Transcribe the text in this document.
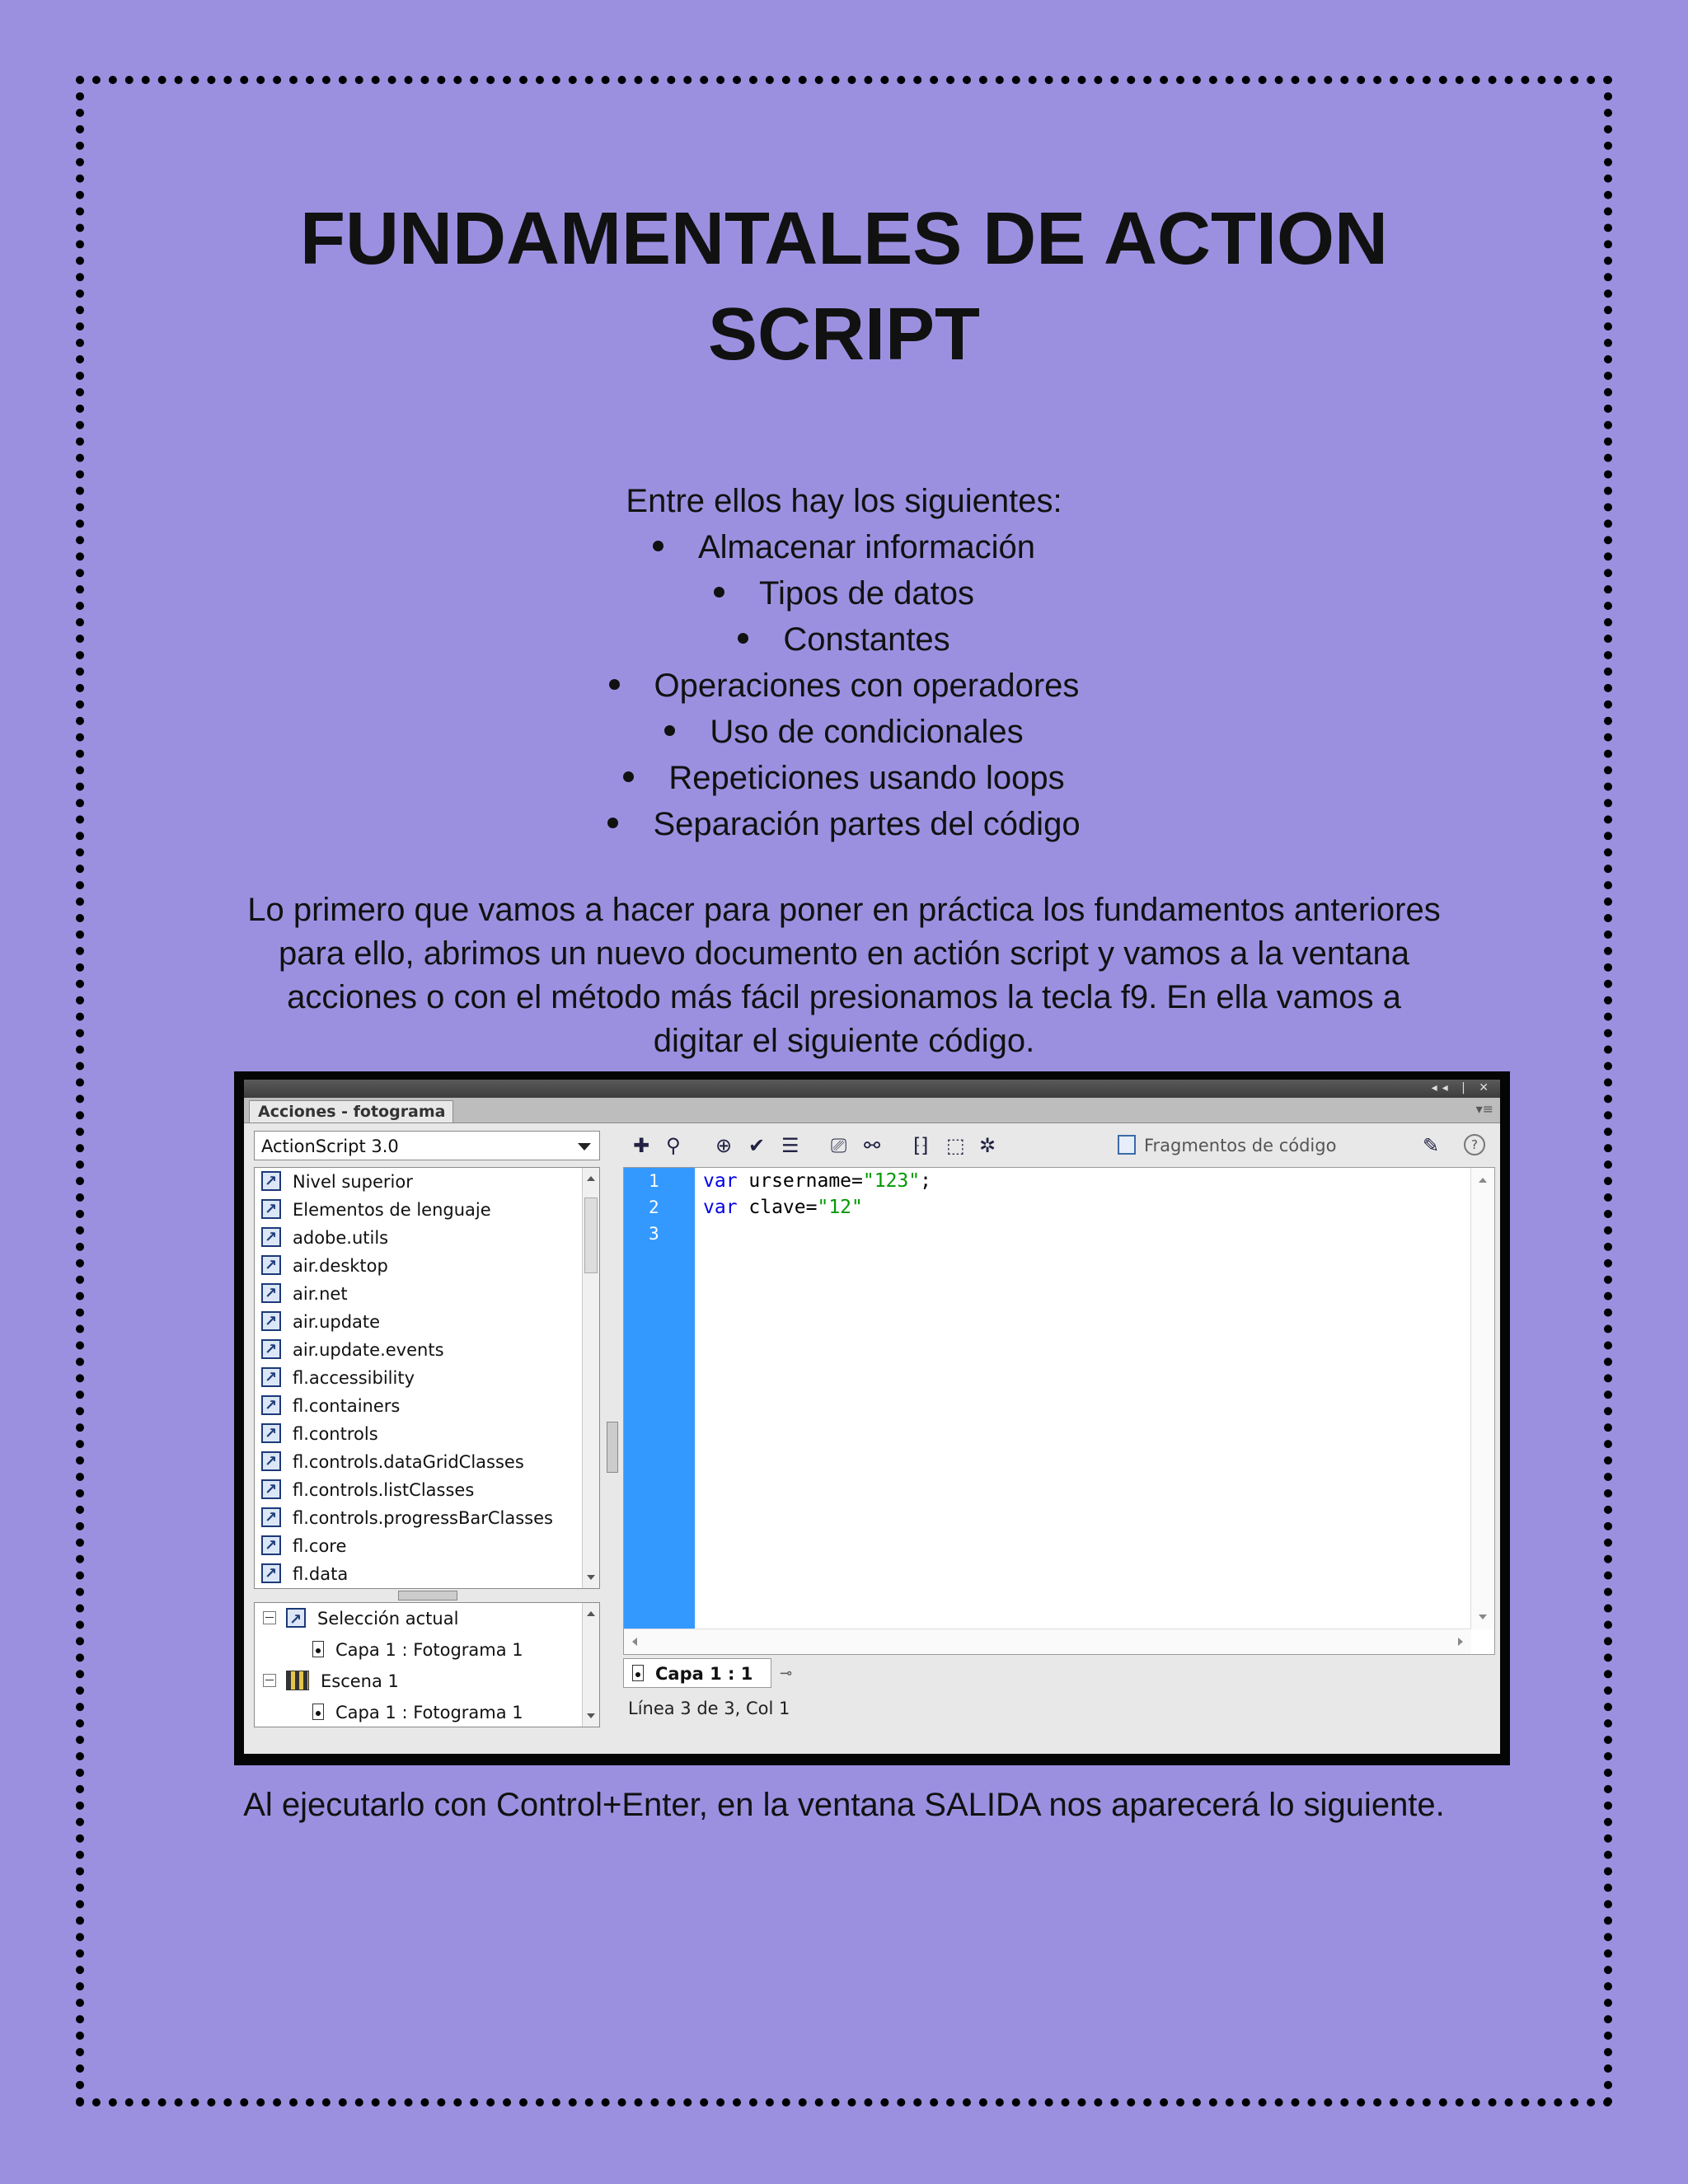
FUNDAMENTALES DE ACTION
SCRIPT
Entre ellos hay los siguientes:
Almacenar información
Tipos de datos
Constantes
Operaciones con operadores
Uso de condicionales
Repeticiones usando loops
Separación partes del código
Lo primero que vamos a hacer para poner en práctica los fundamentos anteriores
para ello, abrimos un nuevo documento en actión script y vamos a la ventana
acciones o con el método más fácil presionamos la tecla f9. En ella vamos a
digitar el siguiente código.
◂◂ | ✕
Acciones - fotograma	▾≡
ActionScript 3.0
↗Nivel superior
↗Elementos de lenguaje
↗adobe.utils
↗air.desktop
↗air.net
↗air.update
↗air.update.events
↗fl.accessibility
↗fl.containers
↗fl.controls
↗fl.controls.dataGridClasses
↗fl.controls.listClasses
↗fl.controls.progressBarClasses
↗fl.core
↗fl.data
↗Selección actual
Capa 1 : Fotograma 1
Escena 1
Capa 1 : Fotograma 1
✚ ⚲ ⊕ ✔ ☰ ⎚ ⚯ ⁅⁆ ⬚ ✲	Fragmentos de código	✎	?
1
2
3
var ursername="123";
var clave="12"
Capa 1 : 1	⊸
Línea 3 de 3, Col 1
Al ejecutarlo con Control+Enter, en la ventana SALIDA nos aparecerá lo siguiente.
